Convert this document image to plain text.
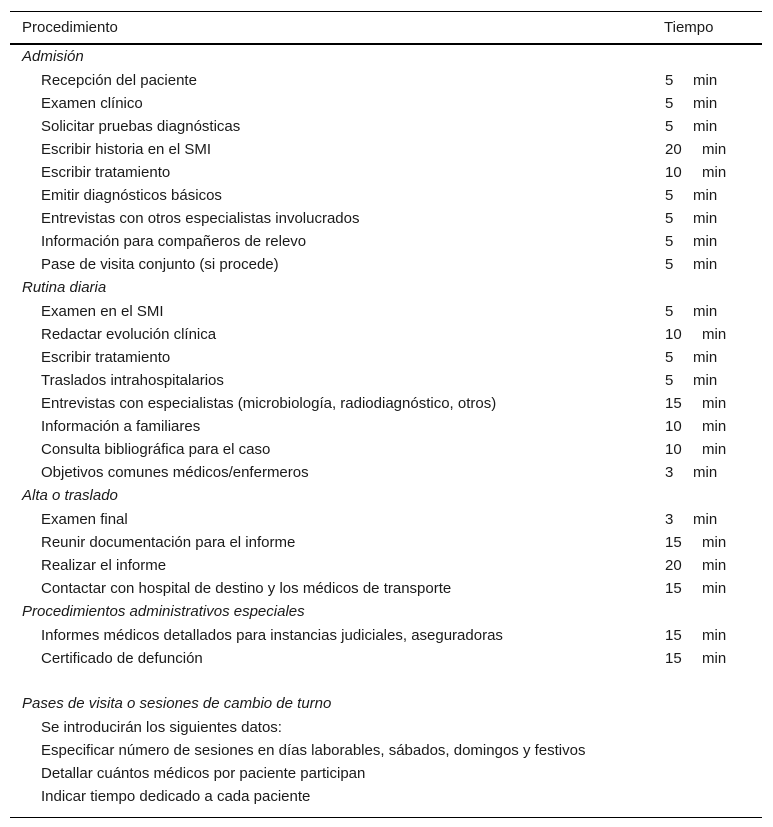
Procedimiento	Tiempo
Admisión
Recepción del paciente	5 min
Examen clínico	5 min
Solicitar pruebas diagnósticas	5 min
Escribir historia en el SMI	20 min
Escribir tratamiento	10 min
Emitir diagnósticos básicos	5 min
Entrevistas con otros especialistas involucrados	5 min
Información para compañeros de relevo	5 min
Pase de visita conjunto (si procede)	5 min
Rutina diaria
Examen en el SMI	5 min
Redactar evolución clínica	10 min
Escribir tratamiento	5 min
Traslados intrahospitalarios	5 min
Entrevistas con especialistas (microbiología, radiodiagnóstico, otros)	15 min
Información a familiares	10 min
Consulta bibliográfica para el caso	10 min
Objetivos comunes médicos/enfermeros	3 min
Alta o traslado
Examen final	3 min
Reunir documentación para el informe	15 min
Realizar el informe	20 min
Contactar con hospital de destino y los médicos de transporte	15 min
Procedimientos administrativos especiales
Informes médicos detallados para instancias judiciales, aseguradoras	15 min
Certificado de defunción	15 min
Pases de visita o sesiones de cambio de turno
Se introducirán los siguientes datos:
Especificar número de sesiones en días laborables, sábados, domingos y festivos
Detallar cuántos médicos por paciente participan
Indicar tiempo dedicado a cada paciente
